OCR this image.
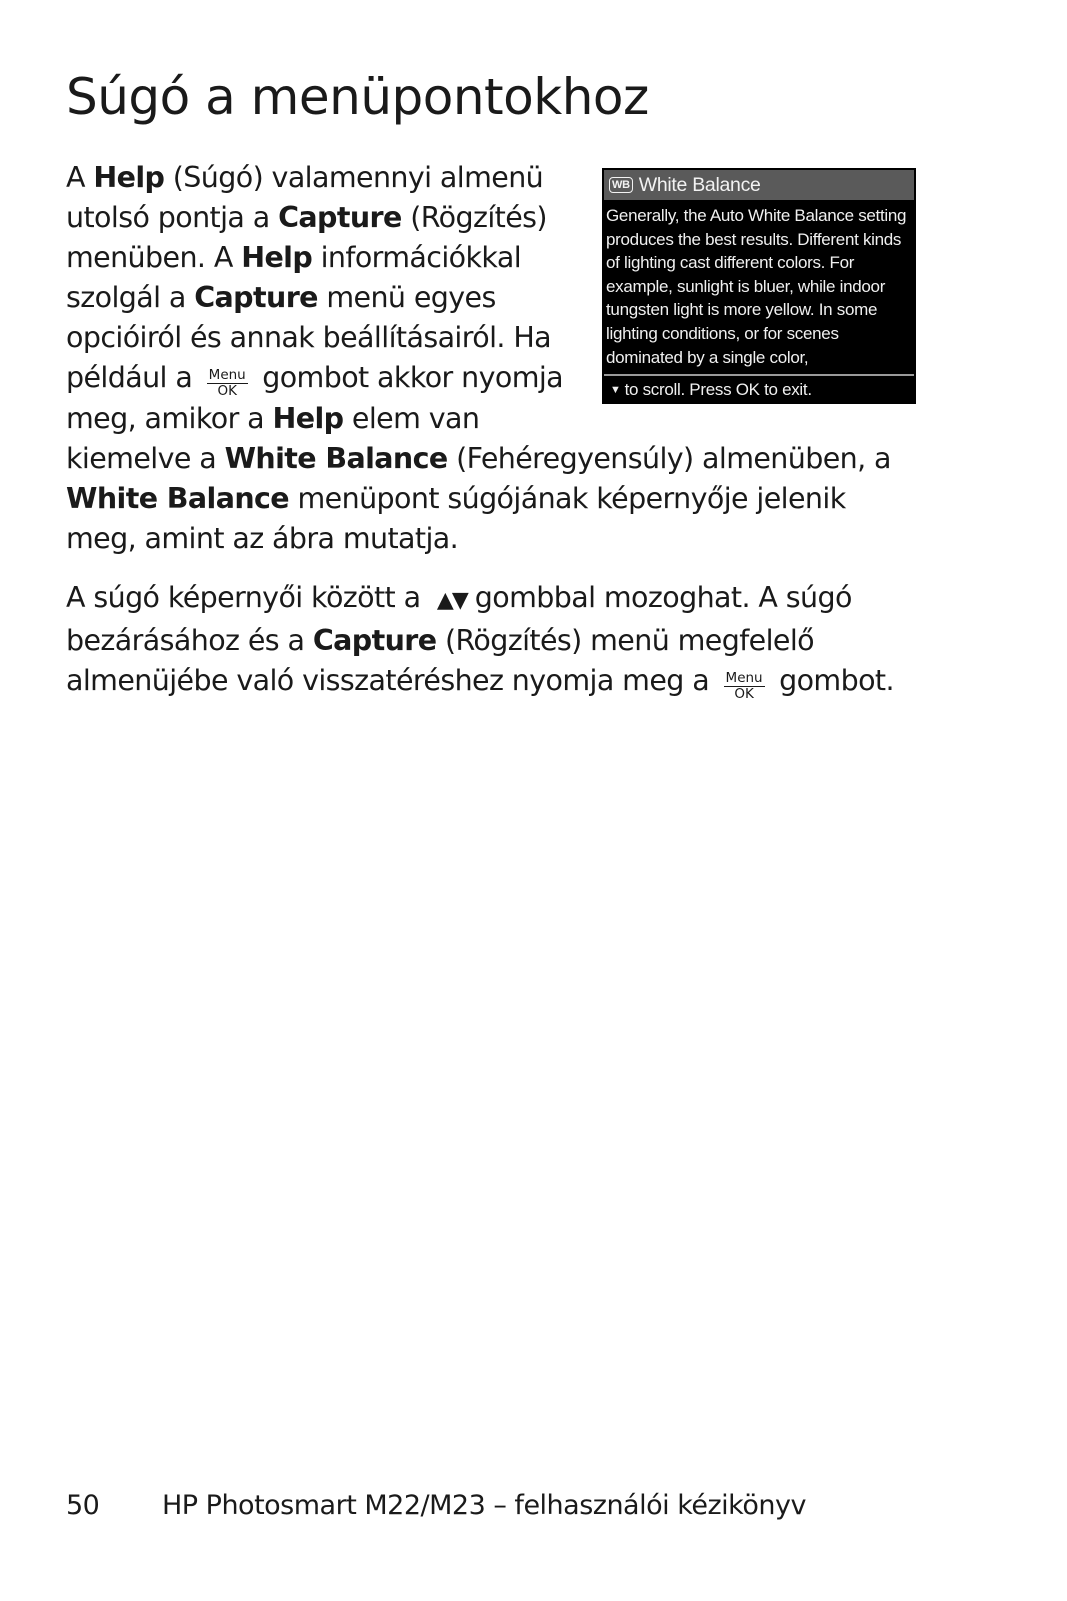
Súgó a menüpontokhoz

WB White Balance
Generally, the Auto White Balance setting produces the best results. Different kinds of lighting cast different colors. For example, sunlight is bluer, while indoor tungsten light is more yellow. In some lighting conditions, or for scenes dominated by a single color,
▼ to scroll. Press OK to exit.
A Help (Súgó) valamennyi almenü utolsó pontja a Capture (Rögzítés) menüben. A Help információkkal szolgál a Capture menü egyes opcióiról és annak beállításairól. Ha például a Menu
OK gombot akkor nyomja meg, amikor a Help elem van kiemelve a White Balance (Fehéregyensúly) almenüben, a White Balance menüpont súgójának képernyője jelenik meg, amint az ábra mutatja.

A súgó képernyői között a ▲▼ gombbal mozoghat. A súgó bezárásához és a Capture (Rögzítés) menü megfelelő almenüjébe való visszatéréshez nyomja meg a Menu
OK gombot.

50 HP Photosmart M22/M23 – felhasználói kézikönyv
